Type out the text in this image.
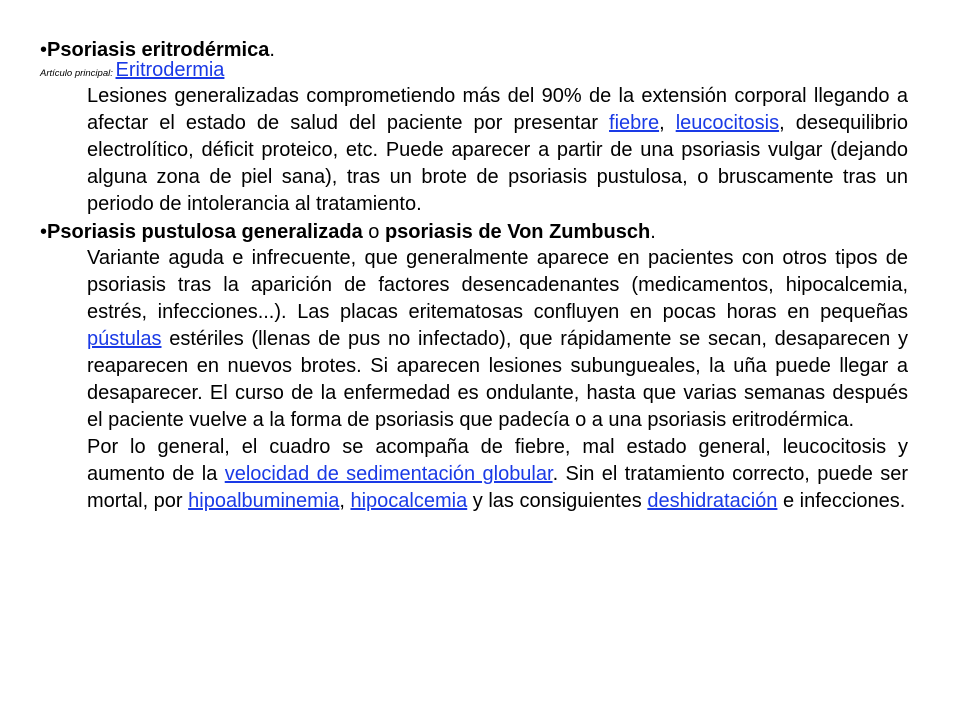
•Psoriasis eritrodérmica.

Artículo principal: Eritrodermia

Lesiones generalizadas comprometiendo más del 90% de la extensión corporal llegando a afectar el estado de salud del paciente por presentar fiebre, leucocitosis, desequilibrio electrolítico, déficit proteico, etc. Puede aparecer a partir de una psoriasis vulgar (dejando alguna zona de piel sana), tras un brote de psoriasis pustulosa, o bruscamente tras un periodo de intolerancia al tratamiento.

•Psoriasis pustulosa generalizada o psoriasis de Von Zumbusch.

Variante aguda e infrecuente, que generalmente aparece en pacientes con otros tipos de psoriasis tras la aparición de factores desencadenantes (medicamentos, hipocalcemia, estrés, infecciones...). Las placas eritematosas confluyen en pocas horas en pequeñas pústulas estériles (llenas de pus no infectado), que rápidamente se secan, desaparecen y reaparecen en nuevos brotes. Si aparecen lesiones subungueales, la uña puede llegar a desaparecer. El curso de la enfermedad es ondulante, hasta que varias semanas después el paciente vuelve a la forma de psoriasis que padecía o a una psoriasis eritrodérmica.

Por lo general, el cuadro se acompaña de fiebre, mal estado general, leucocitosis y aumento de la velocidad de sedimentación globular. Sin el tratamiento correcto, puede ser mortal, por hipoalbuminemia, hipocalcemia y las consiguientes deshidratación e infecciones.
